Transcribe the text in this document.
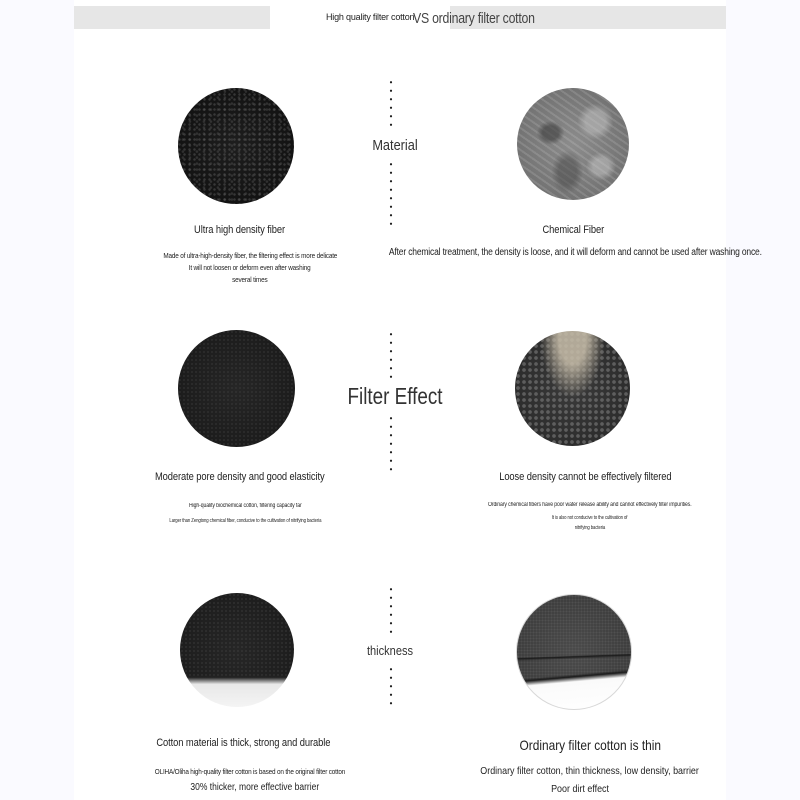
High quality filter cotton
VS ordinary filter cotton
Material
Ultra high density fiber
Made of ultra-high-density fiber, the filtering effect is more delicate
It will not loosen or deform even after washing
several times
Chemical Fiber
After chemical treatment, the density is loose, and it will deform and cannot be used after washing once.
Filter Effect
Moderate pore density and good elasticity
High-quality biochemical cotton, filtering capacity far
Larger than Zengtong chemical fiber, conducive to the cultivation of nitrifying bacteria
Loose density cannot be effectively filtered
Ordinary chemical fibers have poor water release ability and cannot effectively filter impurities.
It is also not conducive to the cultivation of
nitrifying bacteria
thickness
Cotton material is thick, strong and durable
OLIHA/Oliha high-quality filter cotton is based on the original filter cotton
30% thicker, more effective barrier
Ordinary filter cotton is thin
Ordinary filter cotton, thin thickness, low density, barrier
Poor dirt effect
